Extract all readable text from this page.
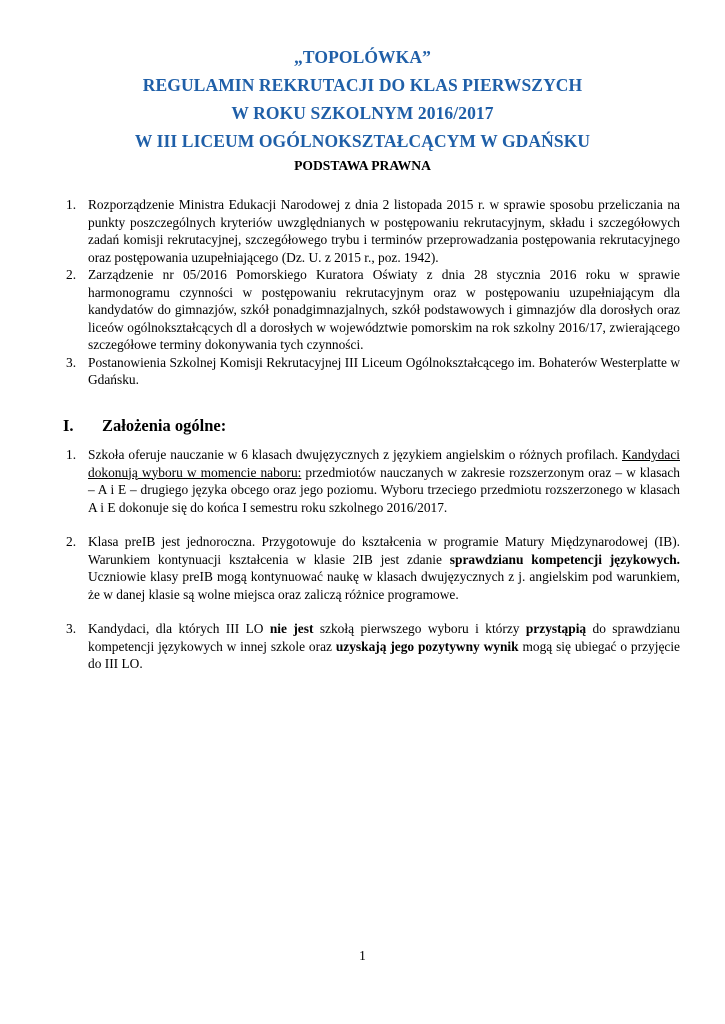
„TOPOLÓWKA”

REGULAMIN REKRUTACJI DO KLAS PIERWSZYCH

W ROKU SZKOLNYM 2016/2017

W III LICEUM OGÓLNOKSZTAŁCĄCYM W GDAŃSKU

PODSTAWA PRAWNA

1. Rozporządzenie Ministra Edukacji Narodowej z dnia 2 listopada 2015 r. w sprawie sposobu przeliczania na punkty poszczególnych kryteriów uwzględnianych w postępowaniu rekrutacyjnym, składu i szczegółowych zadań komisji rekrutacyjnej, szczegółowego trybu i terminów przeprowadzania postępowania rekrutacyjnego oraz postępowania uzupełniającego (Dz. U. z 2015 r., poz. 1942).
2. Zarządzenie nr 05/2016 Pomorskiego Kuratora Oświaty z dnia 28 stycznia 2016 roku w sprawie harmonogramu czynności w postępowaniu rekrutacyjnym oraz w postępowaniu uzupełniającym dla kandydatów do gimnazjów, szkół ponadgimnazjalnych, szkół podstawowych i gimnazjów dla dorosłych oraz liceów ogólnokształcących dl a dorosłych w województwie pomorskim na rok szkolny 2016/17, zwierającego szczegółowe terminy dokonywania tych czynności.
3. Postanowienia Szkolnej Komisji Rekrutacyjnej III Liceum Ogólnokształcącego im. Bohaterów Westerplatte w Gdańsku.
I. Założenia ogólne:
1. Szkoła oferuje nauczanie w 6 klasach dwujęzycznych z językiem angielskim o różnych profilach. Kandydaci dokonują wyboru w momencie naboru: przedmiotów nauczanych w zakresie rozszerzonym oraz – w klasach – A i E – drugiego języka obcego oraz jego poziomu. Wyboru trzeciego przedmiotu rozszerzonego w klasach A i E dokonuje się do końca I semestru roku szkolnego 2016/2017.
2. Klasa preIB jest jednoroczna. Przygotowuje do kształcenia w programie Matury Międzynarodowej (IB). Warunkiem kontynuacji kształcenia w klasie 2IB jest zdanie sprawdzianu kompetencji językowych. Uczniowie klasy preIB mogą kontynuować naukę w klasach dwujęzycznych z j. angielskim pod warunkiem, że w danej klasie są wolne miejsca oraz zaliczą różnice programowe.
3. Kandydaci, dla których III LO nie jest szkołą pierwszego wyboru i którzy przystąpią do sprawdzianu kompetencji językowych w innej szkole oraz uzyskają jego pozytywny wynik mogą się ubiegać o przyjęcie do III LO.
1
